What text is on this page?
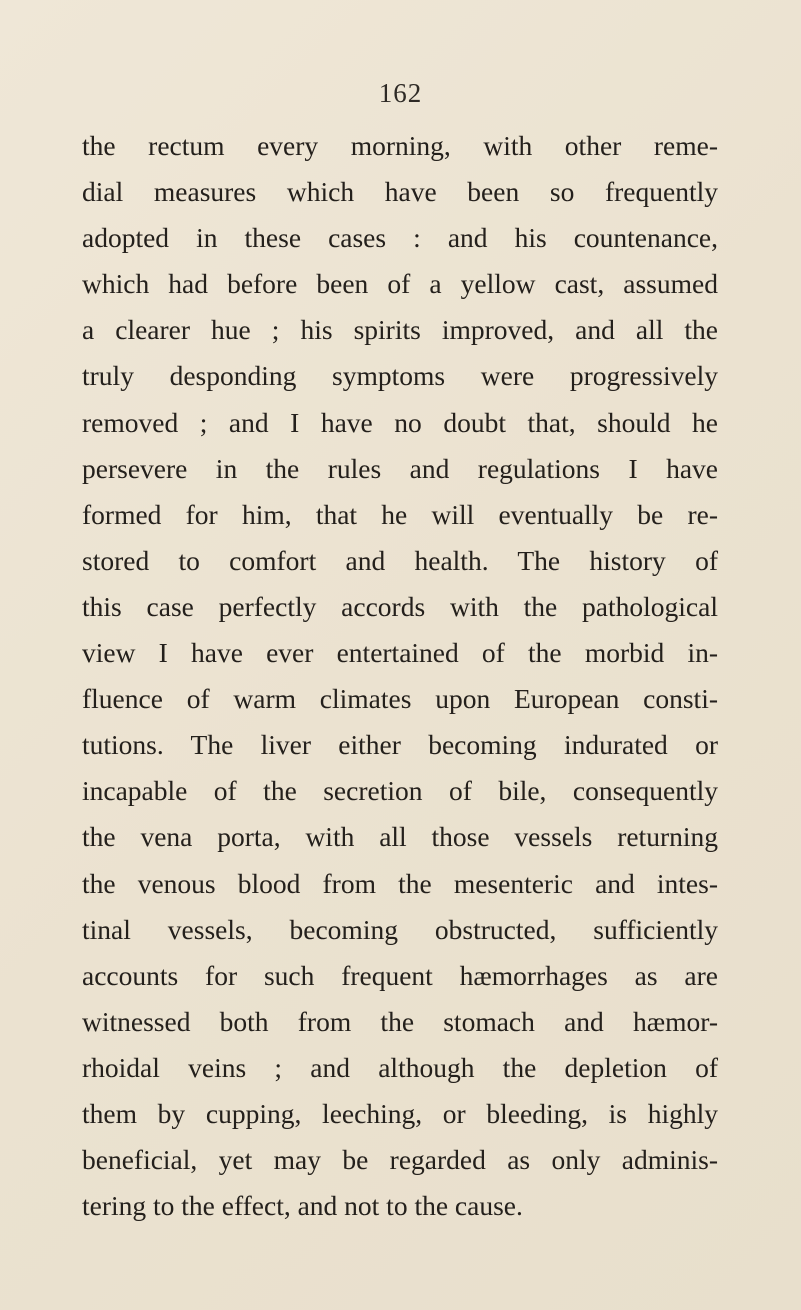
162
the rectum every morning, with other reme-
dial measures which have been so frequently
adopted in these cases : and his countenance,
which had before been of a yellow cast, assumed
a clearer hue ; his spirits improved, and all the
truly desponding symptoms were progressively
removed ; and I have no doubt that, should he
persevere in the rules and regulations I have
formed for him, that he will eventually be re-
stored to comfort and health. The history of
this case perfectly accords with the pathological
view I have ever entertained of the morbid in-
fluence of warm climates upon European consti-
tutions. The liver either becoming indurated or
incapable of the secretion of bile, consequently
the vena porta, with all those vessels returning
the venous blood from the mesenteric and intes-
tinal vessels, becoming obstructed, sufficiently
accounts for such frequent hæmorrhages as are
witnessed both from the stomach and hæmor-
rhoidal veins ; and although the depletion of
them by cupping, leeching, or bleeding, is highly
beneficial, yet may be regarded as only adminis-
tering to the effect, and not to the cause.
